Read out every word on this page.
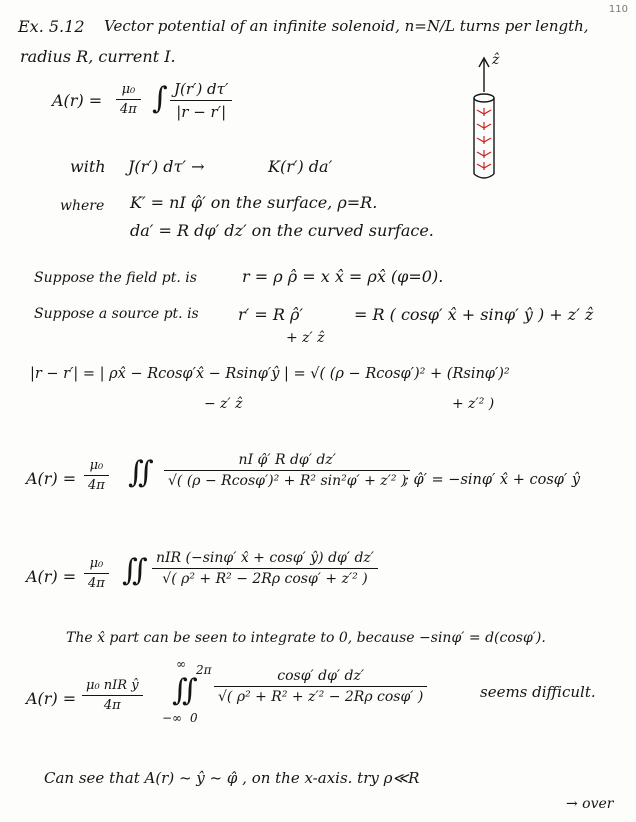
110
Ex. 5.12 Vector potential of an infinite solenoid, n=N/L turns per length,
radius R, current I.	ẑ
$A(r) = \frac{\text{μ₀}}{4\pi}$ ∫ $\frac{J(r') d\tau'}{|r - r'|}$
with J(r′) dτ′ →	K(r′) da′
where K′ = nI φ̂′ on the surface, ρ=R.
da′ = R dφ′ dz′ on the curved surface.
Suppose the field pt. is	r = ρ ρ̂ = x x̂ = ρx̂ (φ=0).
Suppose a source pt. is r′ = R ρ̂′
+ z′ ẑ
= R ( cosφ′ x̂ + sinφ′ ŷ ) + z′ ẑ
|r − r′| = | ρx̂ − Rcosφ′x̂ − Rsinφ′ŷ | = √( (ρ − Rcosφ′)² + (Rsinφ′)²
− z′ ẑ	+ z′² )
$A(r) = \frac{\text{μ₀}}{4\pi}$ ∬ $\frac{\text{nI φ̂′ R dφ′ dz′}}{\text{√( (ρ − Rcosφ′)² + R² sin²φ′ + z′² )}}$
; φ̂′ = −sinφ′ x̂ + cosφ′ ŷ
$A(r) = \frac{\text{μ₀}}{4\pi}$ ∬ nIR (−sinφ′ x̂ + cosφ′ ŷ) dφ′ dz′
√( ρ² + R² − 2Rρ cosφ′ + z′² )
The x̂ part can be seen to integrate to 0, because −sinφ′ = d(cosφ′).
A(r) =
μ₀ nIR ŷ
4π
∞ 2π
∬
−∞ 0
$\frac{\cos\varphi' d\varphi' dz'}{\text{√( ρ² + R² + z′² − 2Rρ cosφ′ )}}$	seems difficult.
Can see that A(r) ~ ŷ ~ φ̂ , on the x-axis. try ρ≪R
→ over
